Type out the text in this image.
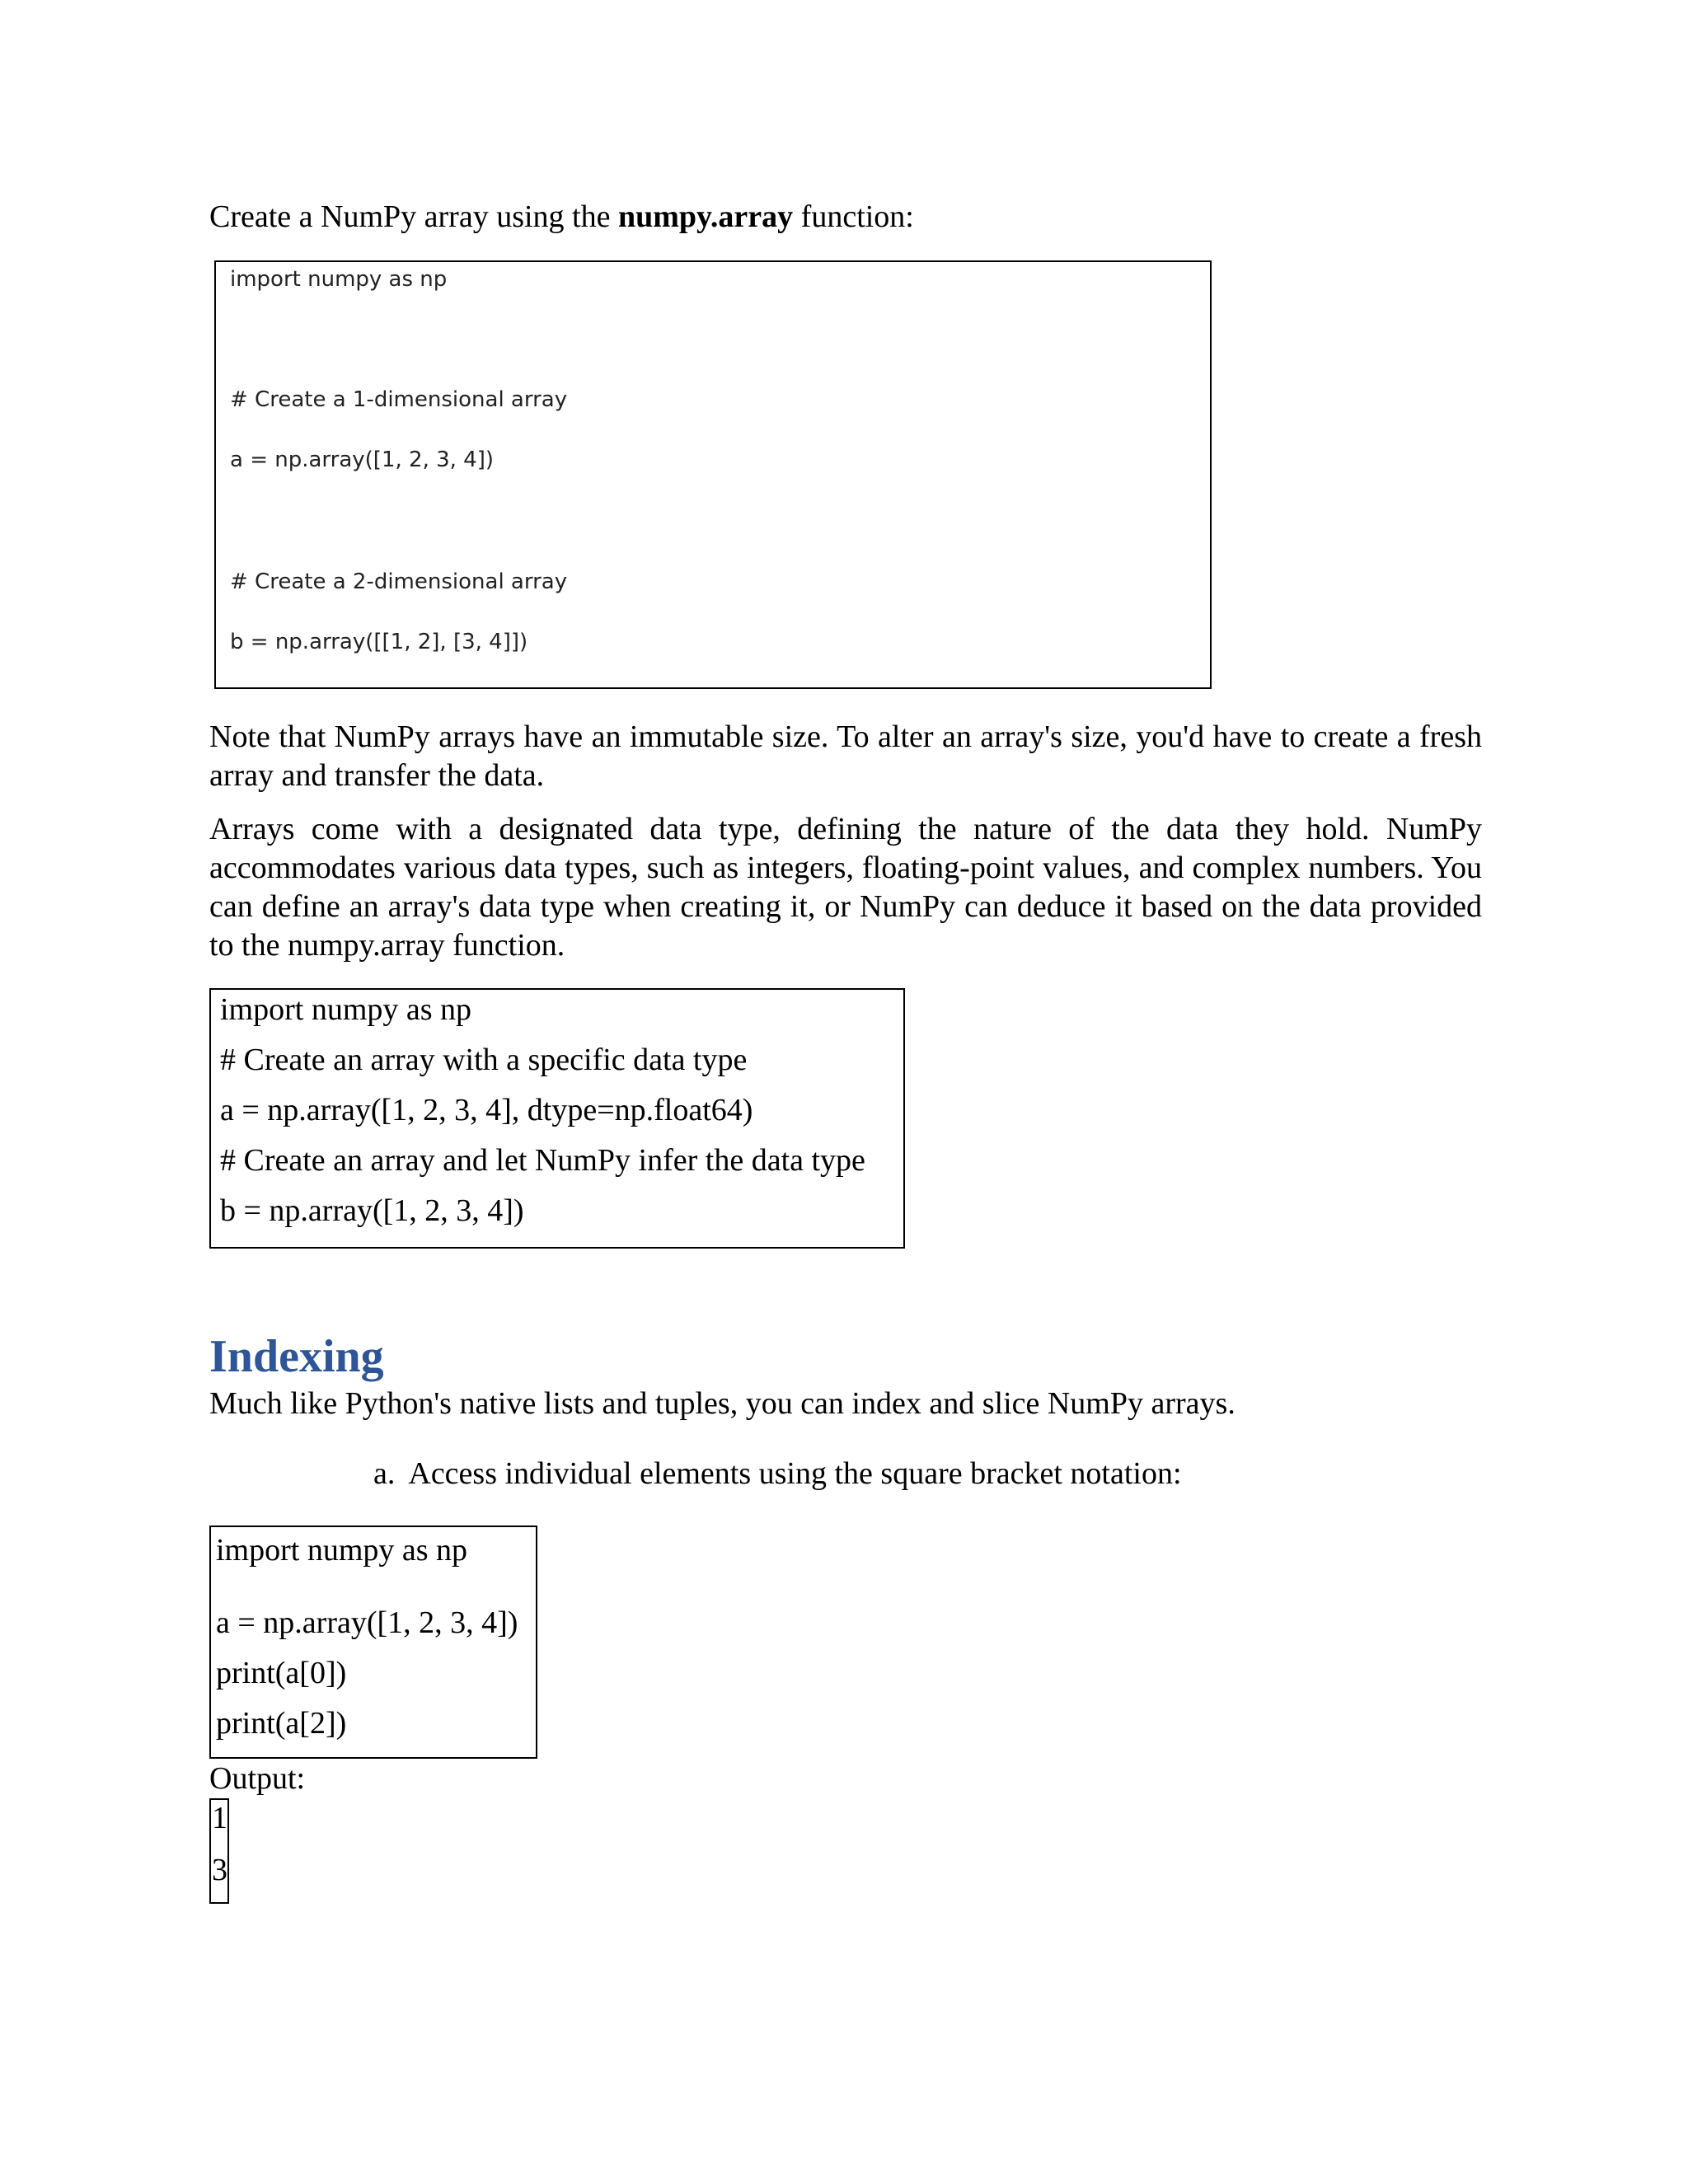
Create a NumPy array using the numpy.array function:

import numpy as np
# Create a 1-dimensional array
a = np.array([1, 2, 3, 4])
# Create a 2-dimensional array
b = np.array([[1, 2], [3, 4]])

Note that NumPy arrays have an immutable size. To alter an array's size, you'd have to create a fresh array and transfer the data.

Arrays come with a designated data type, defining the nature of the data they hold. NumPy accommodates various data types, such as integers, floating-point values, and complex numbers. You can define an array's data type when creating it, or NumPy can deduce it based on the data provided to the numpy.array function.

import numpy as np
# Create an array with a specific data type
a = np.array([1, 2, 3, 4], dtype=np.float64)
# Create an array and let NumPy infer the data type
b = np.array([1, 2, 3, 4])
Indexing

Much like Python's native lists and tuples, you can index and slice NumPy arrays.

a. Access individual elements using the square bracket notation:
import numpy as np
a = np.array([1, 2, 3, 4])
print(a[0])
print(a[2])
Output:
1
3
